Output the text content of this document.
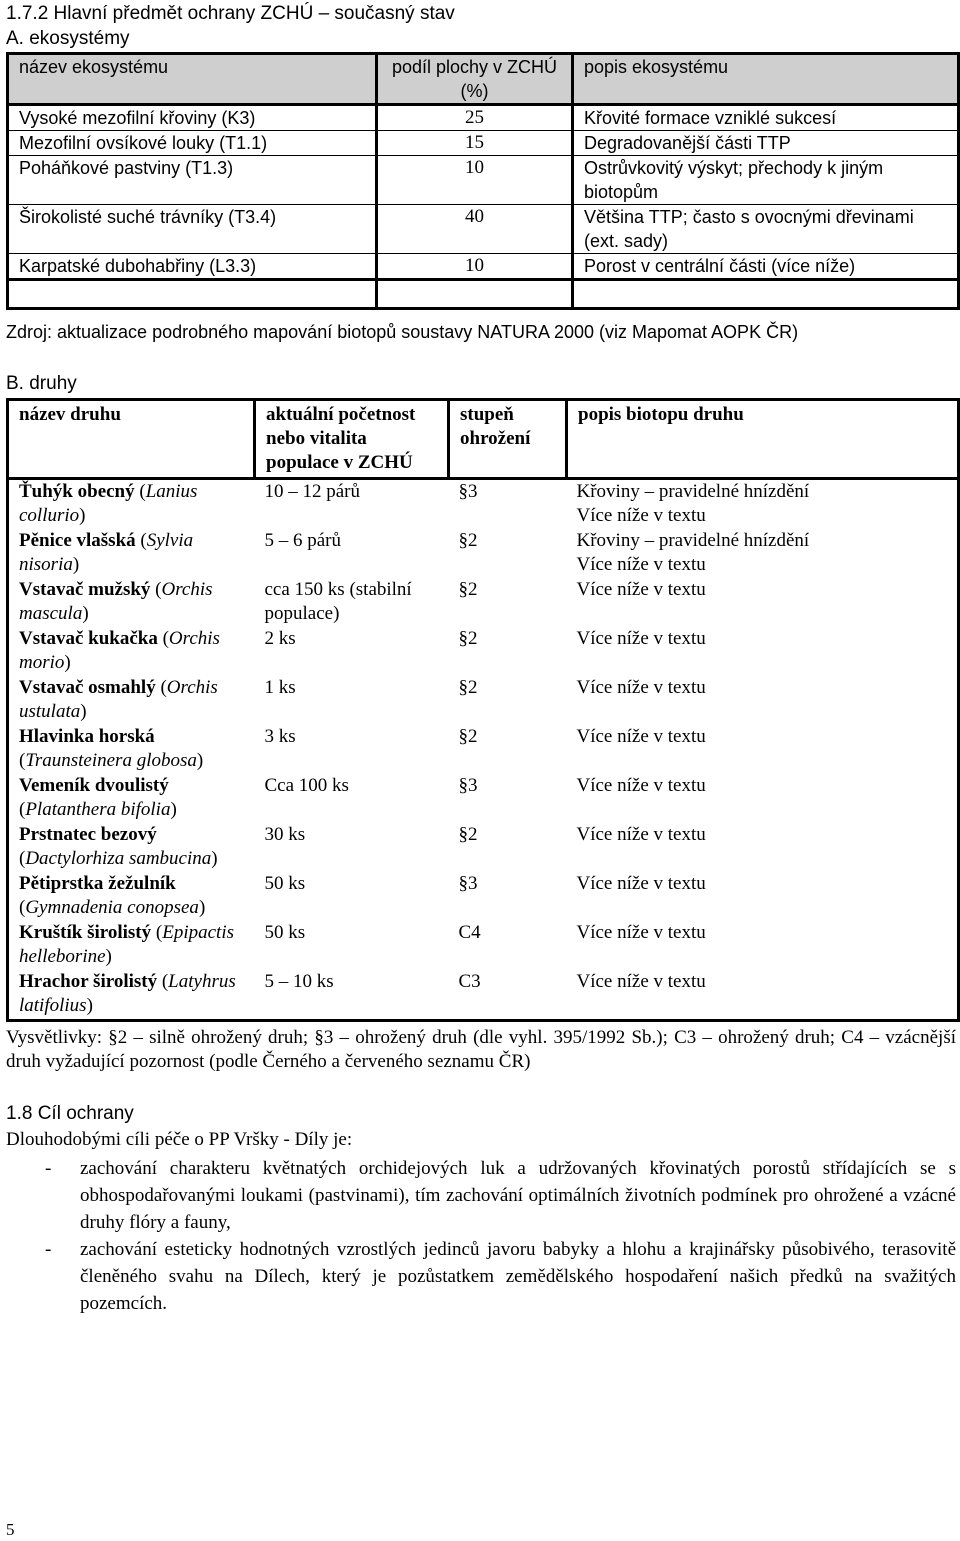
1.7.2 Hlavní předmět ochrany ZCHÚ – současný stav
A. ekosystémy
název ekosystému	podíl plochy v ZCHÚ (%)	popis ekosystému
Vysoké mezofilní křoviny (K3)	25	Křovité formace vzniklé sukcesí
Mezofilní ovsíkové louky (T1.1)	15	Degradovanější části TTP
Poháňkové pastviny (T1.3)	10	Ostrůvkovitý výskyt; přechody k jiným biotopům
Širokolisté suché trávníky (T3.4)	40	Většina TTP; často s ovocnými dřevinami (ext. sady)
Karpatské dubohabřiny (L3.3)	10	Porost v centrální části (více níže)

Zdroj: aktualizace podrobného mapování biotopů soustavy NATURA 2000 (viz Mapomat AOPK ČR)
B. druhy
název druhu	aktuální početnost nebo vitalita populace v ZCHÚ	stupeň ohrožení	popis biotopu druhu
Ťuhýk obecný (Lanius collurio)	10 – 12 párů	§3	Křoviny – pravidelné hnízdění
Více níže v textu

Pěnice vlašská (Sylvia nisoria)	5 – 6 párů	§2	Křoviny – pravidelné hnízdění
Více níže v textu

Vstavač mužský (Orchis mascula)	cca 150 ks (stabilní populace)	§2	Více níže v textu

Vstavač kukačka (Orchis morio)	2 ks	§2	Více níže v textu

Vstavač osmahlý (Orchis ustulata)	1 ks	§2	Více níže v textu

Hlavinka horská (Traunsteinera globosa)	3 ks	§2	Více níže v textu

Vemeník dvoulistý (Platanthera bifolia)	Cca 100 ks	§3	Více níže v textu

Prstnatec bezový (Dactylorhiza sambucina)	30 ks	§2	Více níže v textu

Pětiprstka žežulník (Gymnadenia conopsea)	50 ks	§3	Více níže v textu

Kruštík širolistý (Epipactis helleborine)	50 ks	C4	Více níže v textu

Hrachor širolistý (Latyhrus latifolius)	5 – 10 ks	C3	Více níže v textu
Vysvětlivky: §2 – silně ohrožený druh; §3 – ohrožený druh (dle vyhl. 395/1992 Sb.); C3 – ohrožený druh; C4 – vzácnější druh vyžadující pozornost (podle Černého a červeného seznamu ČR)
1.8 Cíl ochrany
Dlouhodobými cíli péče o PP Vršky - Díly je:
- zachování charakteru květnatých orchidejových luk a udržovaných křovinatých porostů střídajících se s obhospodařovanými loukami (pastvinami), tím zachování optimálních životních podmínek pro ohrožené a vzácné druhy flóry a fauny,
- zachování esteticky hodnotných vzrostlých jedinců javoru babyky a hlohu a krajinářsky působivého, terasovitě členěného svahu na Dílech, který je pozůstatkem zemědělského hospodaření našich předků na svažitých pozemcích.
5
